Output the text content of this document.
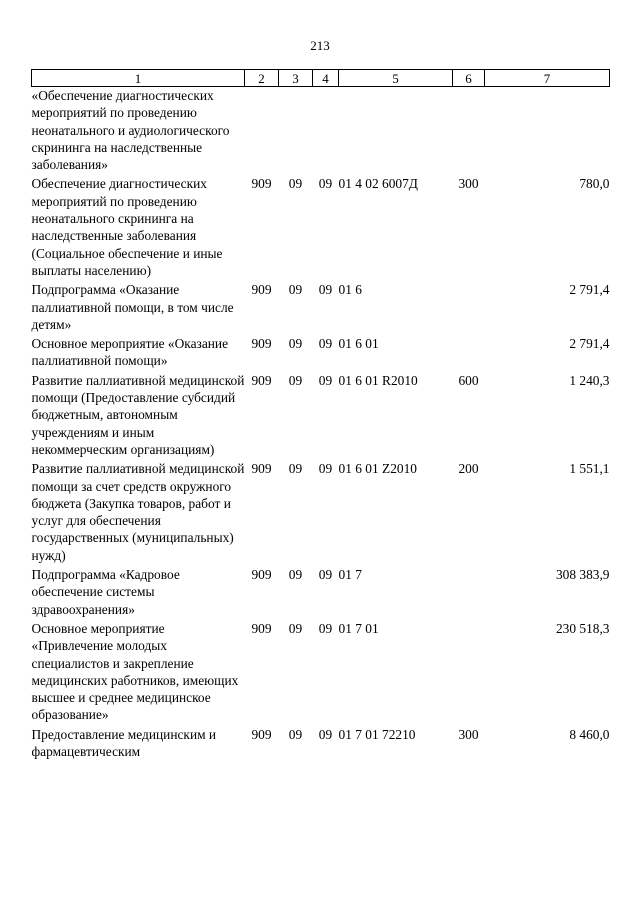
213
1	2	3	4	5	6	7
«Обеспечение диагностических мероприятий по проведению неонатального и аудиологического скрининга на наследственные заболевания»						
Обеспечение диагностических мероприятий по проведению неонатального скрининга на наследственные заболевания (Социальное обеспечение и иные выплаты населению)	909	09	09	01 4 02 6007Д	300	780,0
Подпрограмма «Оказание паллиативной помощи, в том числе детям»	909	09	09	01 6		2 791,4
Основное мероприятие «Оказание паллиативной помощи»	909	09	09	01 6 01		2 791,4
Развитие паллиативной медицинской помощи (Предоставление субсидий бюджетным, автономным учреждениям и иным некоммерческим организациям)	909	09	09	01 6 01 R2010	600	1 240,3
Развитие паллиативной медицинской помощи за счет средств окружного бюджета (Закупка товаров, работ и услуг для обеспечения государственных (муниципальных) нужд)	909	09	09	01 6 01 Z2010	200	1 551,1
Подпрограмма «Кадровое обеспечение системы здравоохранения»	909	09	09	01 7		308 383,9
Основное мероприятие «Привлечение молодых специалистов и закрепление медицинских работников, имеющих высшее и среднее медицинское образование»	909	09	09	01 7 01		230 518,3
Предоставление медицинским и фармацевтическим	909	09	09	01 7 01 72210	300	8 460,0
